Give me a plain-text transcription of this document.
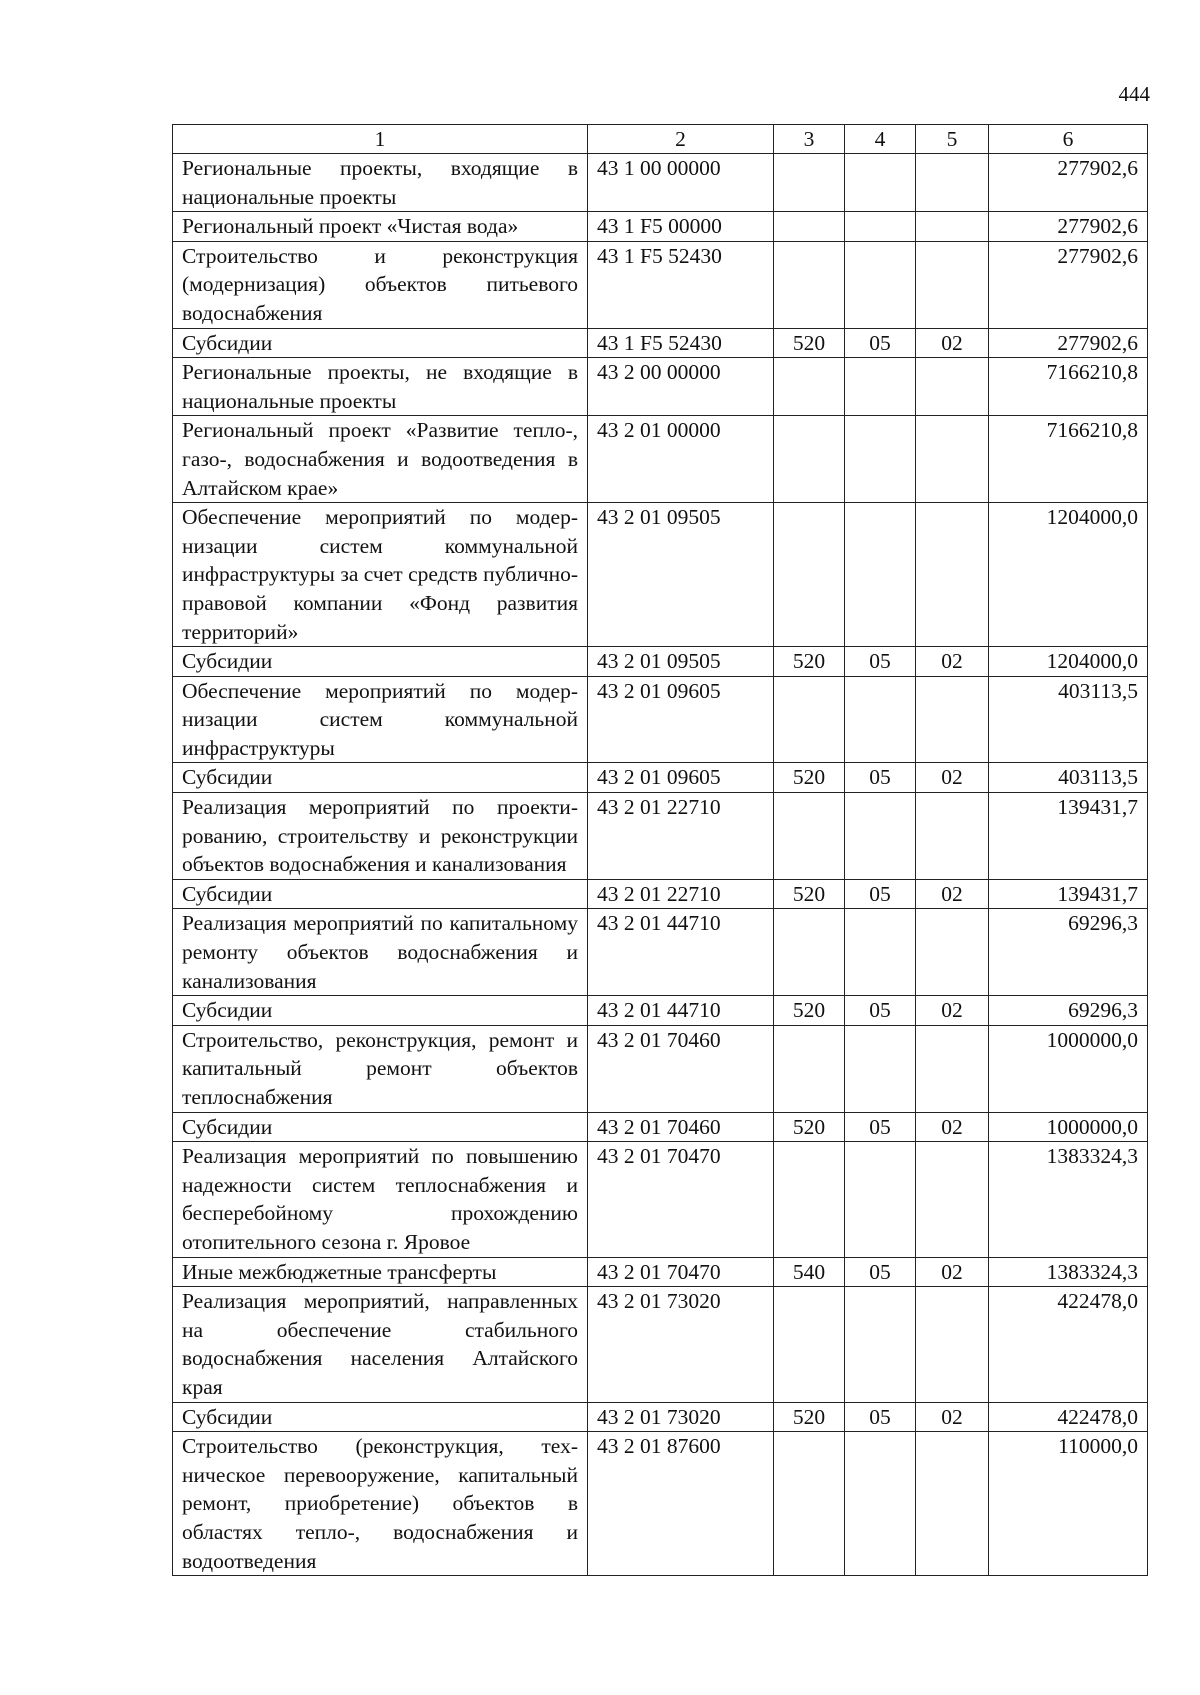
444
1	2	3	4	5	6
Региональные проекты, входящие в национальные проекты	43 1 00 00000				277902,6
Региональный проект «Чистая вода»	43 1 F5 00000				277902,6
Строительство и реконструкция (модернизация) объектов питьевого водоснабжения	43 1 F5 52430				277902,6
Субсидии	43 1 F5 52430	520	05	02	277902,6
Региональные проекты, не входящие в национальные проекты	43 2 00 00000				7166210,8
Региональный проект «Развитие тепло-, газо-, водоснабжения и водоотведения в Алтайском крае»	43 2 01 00000				7166210,8
Обеспечение мероприятий по модернизации систем коммунальной инфраструктуры за счет средств публично-правовой компании «Фонд развития территорий»	43 2 01 09505				1204000,0
Субсидии	43 2 01 09505	520	05	02	1204000,0
Обеспечение мероприятий по модернизации систем коммунальной инфраструктуры	43 2 01 09605				403113,5
Субсидии	43 2 01 09605	520	05	02	403113,5
Реализация мероприятий по проектированию, строительству и реконструкции объектов водоснабжения и канализования	43 2 01 22710				139431,7
Субсидии	43 2 01 22710	520	05	02	139431,7
Реализация мероприятий по капитальному ремонту объектов водоснабжения и канализования	43 2 01 44710				69296,3
Субсидии	43 2 01 44710	520	05	02	69296,3
Строительство, реконструкция, ремонт и капитальный ремонт объектов теплоснабжения	43 2 01 70460				1000000,0
Субсидии	43 2 01 70460	520	05	02	1000000,0
Реализация мероприятий по повышению надежности систем теплоснабжения и бесперебойному прохождению отопительного сезона г. Яровое	43 2 01 70470				1383324,3
Иные межбюджетные трансферты	43 2 01 70470	540	05	02	1383324,3
Реализация мероприятий, направленных на обеспечение стабильного водоснабжения населения Алтайского края	43 2 01 73020				422478,0
Субсидии	43 2 01 73020	520	05	02	422478,0
Строительство (реконструкция, техническое перевооружение, капитальный ремонт, приобретение) объектов в областях тепло-, водоснабжения и водоотведения	43 2 01 87600				110000,0
